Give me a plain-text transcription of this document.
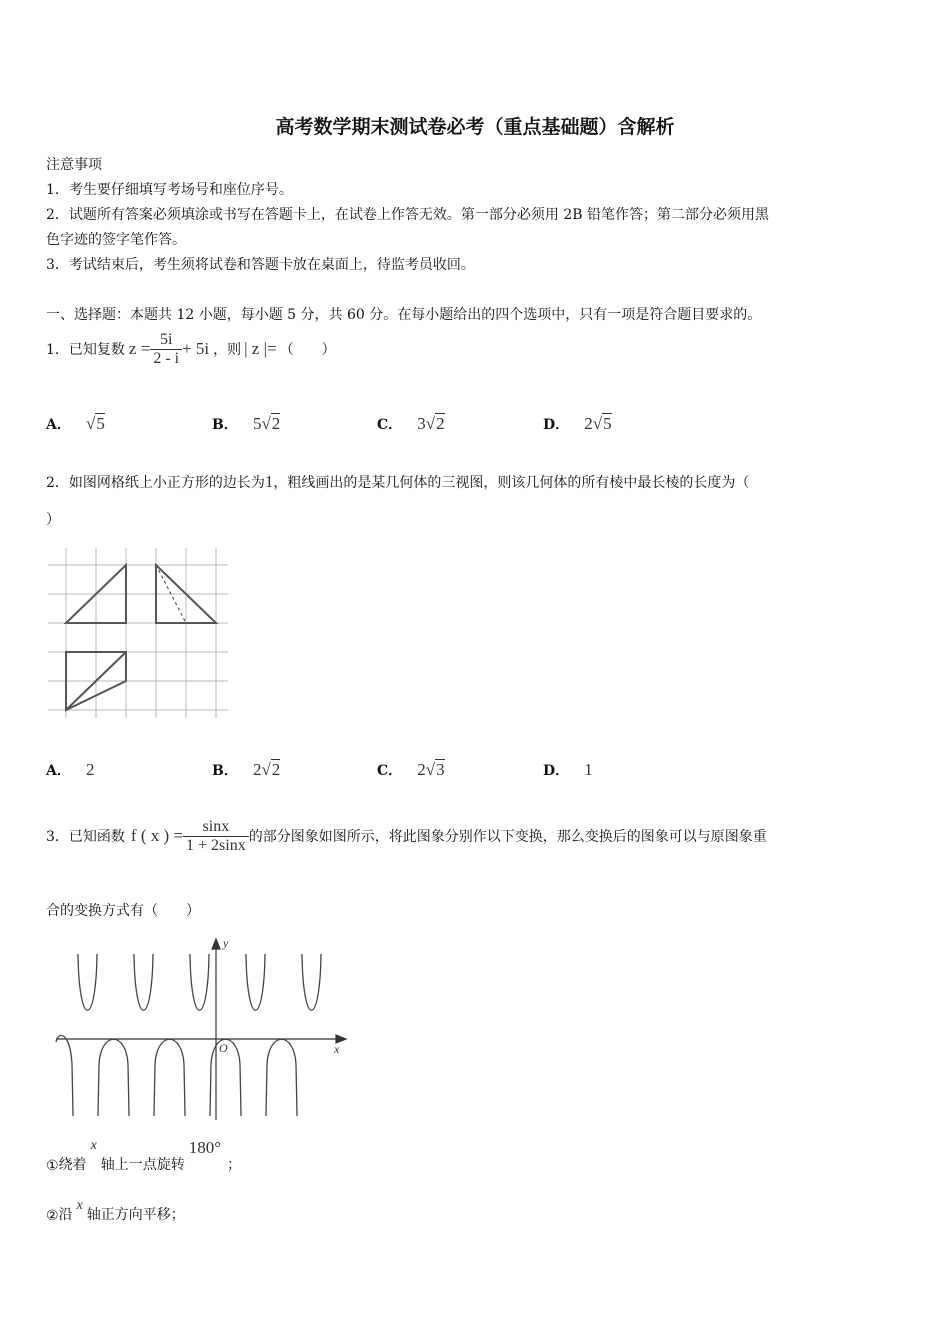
高考数学期末测试卷必考（重点基础题）含解析
注意事项
1．考生要仔细填写考场号和座位序号。
2．试题所有答案必须填涂或书写在答题卡上，在试卷上作答无效。第一部分必须用 2B 铅笔作答；第二部分必须用黑
色字迹的签字笔作答。
3．考试结束后，考生须将试卷和答题卡放在桌面上，待监考员收回。
一、选择题：本题共 12 小题，每小题 5 分，共 60 分。在每小题给出的四个选项中，只有一项是符合题目要求的。
1．已知复数 $z = \frac{5i}{2 - i} + 5i$ ，则 | z |= （　　）
A． √5	B． 5√2	C． 3√2	D． 2√5
2．如图网格纸上小正方形的边长为1，粗线画出的是某几何体的三视图，则该几何体的所有棱中最长棱的长度为（
）
A． 2	B． 2√2	C． 2√3	D． 1
3．已知函数 f ( x ) = $\frac{\sin x}{1 + 2\sin x}$ 的部分图象如图所示，将此图象分别作以下变换，那么变换后的图象可以与原图象重
合的变换方式有（　　）
y
x
O
① 绕着
x
轴上一点旋转
180°
；
② 沿
x
轴正方向平移；
